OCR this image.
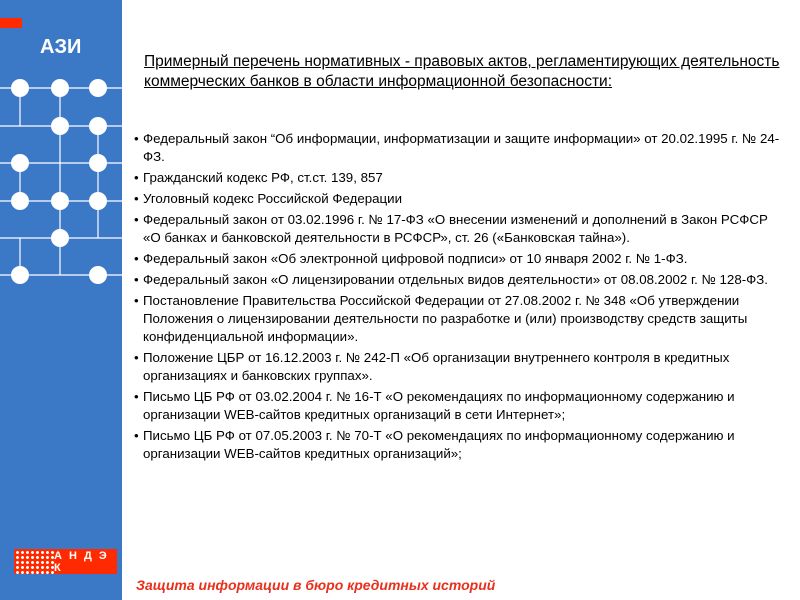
АЗИ
А Н Д Э К
Примерный перечень нормативных - правовых актов, регламентирующих деятельность коммерческих банков в области информационной безопасности:
• Федеральный закон “Об информации, информатизации и защите информации» от 20.02.1995 г. № 24-ФЗ.
• Гражданский кодекс РФ, ст.ст. 139, 857
• Уголовный кодекс Российской Федерации
• Федеральный закон от 03.02.1996 г. № 17-ФЗ «О внесении изменений и дополнений в Закон РСФСР «О банках и банковской деятельности в РСФСР», ст. 26 («Банковская тайна»).
• Федеральный закон «Об электронной цифровой подписи» от 10 января 2002 г. № 1-ФЗ.
• Федеральный закон «О лицензировании отдельных видов деятельности» от 08.08.2002 г. № 128-ФЗ.
• Постановление Правительства Российской Федерации от 27.08.2002 г. № 348 «Об утверждении Положения о лицензировании деятельности по разработке и (или) производству средств защиты конфиденциальной информации».
• Положение ЦБР от 16.12.2003 г. № 242-П «Об организации внутреннего контроля в кредитных организациях и банковских группах».
• Письмо ЦБ РФ от 03.02.2004 г. № 16-Т «О рекомендациях по информационному содержанию и организации WEB-сайтов кредитных организаций в сети Интернет»;
• Письмо ЦБ РФ от 07.05.2003 г. № 70-Т «О рекомендациях по информационному содержанию и организации WEB-сайтов кредитных организаций»;
Защита информации в бюро кредитных историй
